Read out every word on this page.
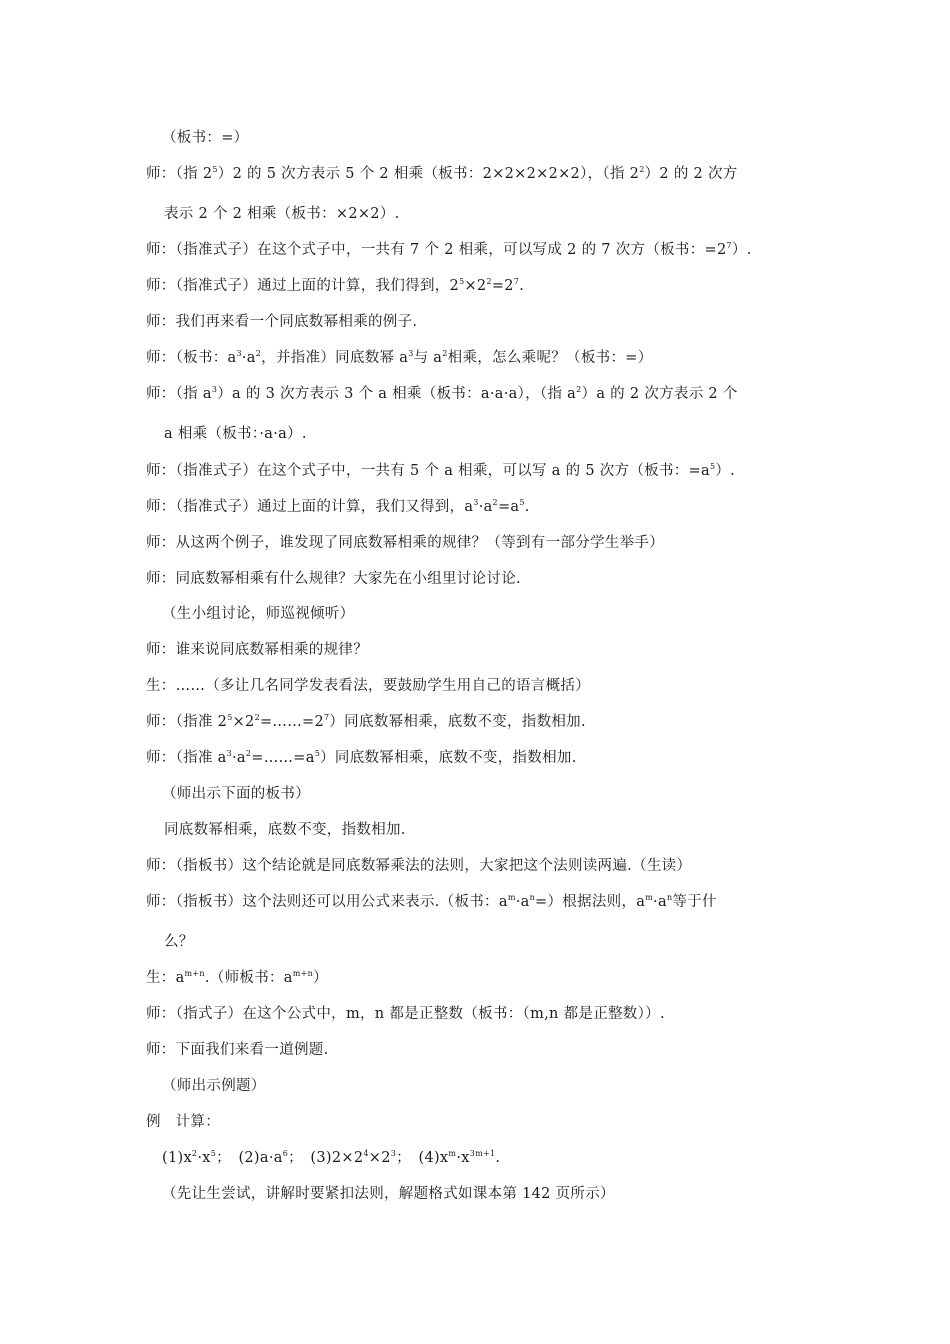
（板书：=）
师：（指 $2^5)2$ 的 5 次方表示 5 个 2 相乘（板书：2×2×2×2×2），（指 $2^2)2$ 的 2 次方
表示 2 个 2 相乘（板书：×2×2）.
师：（指准式子）在这个式子中，一共有 7 个 2 相乘，可以写成 2 的 7 次方（板书：$=2^7$）.
师：（指准式子）通过上面的计算，我们得到，$2^5\times 2^2=2^7$.
师：我们再来看一个同底数幂相乘的例子.
师：（板书：$a^3\cdot a^2$，并指准）同底数幂 $a^3$与 $a^2$相乘，怎么乘呢？（板书：=）
师：（指 $a^3)a$ 的 3 次方表示 3 个 a 相乘（板书：a·a·a），（指 $a^2)a$ 的 2 次方表示 2 个
a 相乘（板书：·a·a）.
师：（指准式子）在这个式子中，一共有 5 个 a 相乘，可以写 a 的 5 次方（板书：$=a^5$）.
师：（指准式子）通过上面的计算，我们又得到，$a^3\cdot a^2=a^5$.
师：从这两个例子，谁发现了同底数幂相乘的规律？（等到有一部分学生举手）
师：同底数幂相乘有什么规律？大家先在小组里讨论讨论.
（生小组讨论，师巡视倾听）
师：谁来说同底数幂相乘的规律？
生：……（多让几名同学发表看法，要鼓励学生用自己的语言概括）
师：（指准 $2^5\times 2^2=\dots\dots=2^7$）同底数幂相乘，底数不变，指数相加.
师：（指准 $a^3\cdot a^2=\dots\dots=a^5$）同底数幂相乘，底数不变，指数相加.
（师出示下面的板书）
同底数幂相乘，底数不变，指数相加.
师：（指板书）这个结论就是同底数幂乘法的法则，大家把这个法则读两遍.（生读）
师：（指板书）这个法则还可以用公式来表示.（板书：$a^m\cdot a^n=$）根据法则，$a^m\cdot a^n$等于什
么？
生：$a^{m+n}$.（师板书：$a^{m+n}$）
师：（指式子）在这个公式中，m，n 都是正整数（板书：（m,n 都是正整数））.
师：下面我们来看一道例题.
（师出示例题）
例　计算：
$(1)x^2\cdot x^5$；　$(2)a\cdot a^6$；　$(3)2\times 2^4\times 2^3$；　$(4)x^m\cdot x^{3m+1}$.
（先让生尝试，讲解时要紧扣法则，解题格式如课本第 142 页所示）
